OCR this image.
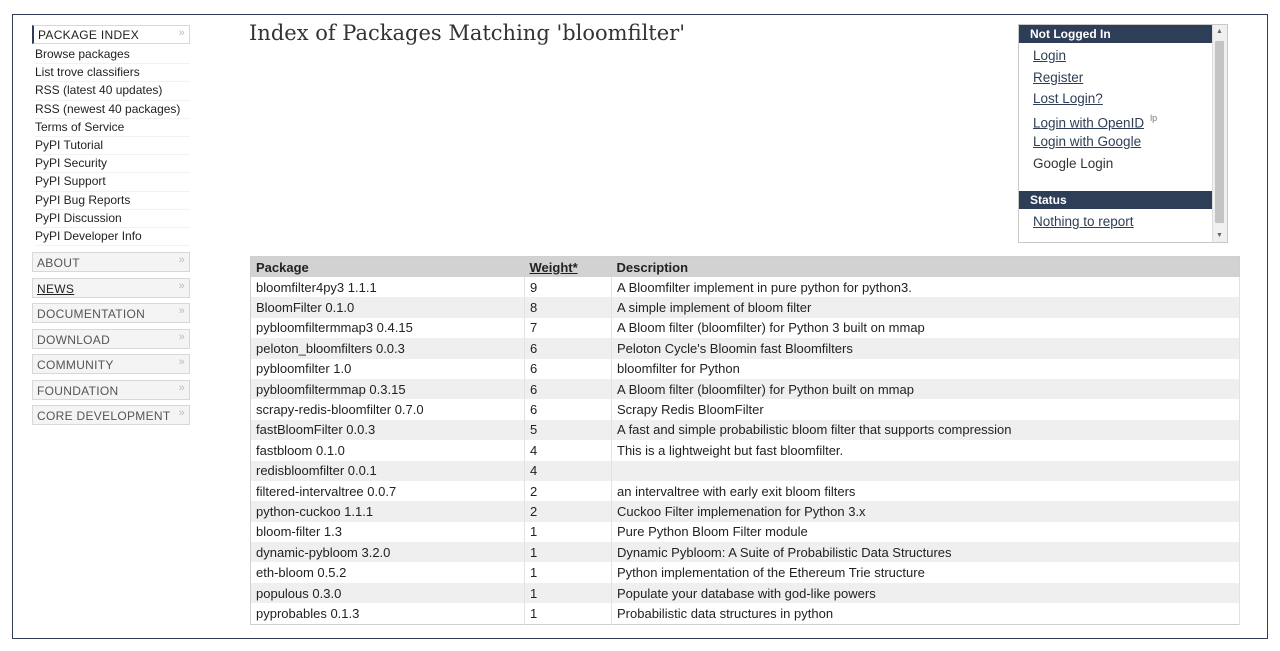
PACKAGE INDEX	»
Browse packages
List trove classifiers
RSS (latest 40 updates)
RSS (newest 40 packages)
Terms of Service
PyPI Tutorial
PyPI Security
PyPI Support
PyPI Bug Reports
PyPI Discussion
PyPI Developer Info
ABOUT	»
NEWS	»
DOCUMENTATION	»
DOWNLOAD	»
COMMUNITY	»
FOUNDATION	»
CORE DEVELOPMENT »
Index of Packages Matching 'bloomfilter'	Not Logged In
Login
Register
Lost Login?
Login with OpenID $^{lp}$
Login with Google
Google Login
Status
Nothing to report
▲
▼
Package	Weight*	Description
bloomfilter4py3 1.1.1	9	A Bloomfilter implement in pure python for python3.
BloomFilter 0.1.0	8	A simple implement of bloom filter
pybloomfiltermmap3 0.4.15	7	A Bloom filter (bloomfilter) for Python 3 built on mmap
peloton_bloomfilters 0.0.3	6	Peloton Cycle's Bloomin fast Bloomfilters
pybloomfilter 1.0	6	bloomfilter for Python
pybloomfiltermmap 0.3.15	6	A Bloom filter (bloomfilter) for Python built on mmap
scrapy-redis-bloomfilter 0.7.0	6	Scrapy Redis BloomFilter
fastBloomFilter 0.0.3	5	A fast and simple probabilistic bloom filter that supports compression
fastbloom 0.1.0	4	This is a lightweight but fast bloomfilter.
redisbloomfilter 0.0.1	4	
filtered-intervaltree 0.0.7	2	an intervaltree with early exit bloom filters
python-cuckoo 1.1.1	2	Cuckoo Filter implemenation for Python 3.x
bloom-filter 1.3	1	Pure Python Bloom Filter module
dynamic-pybloom 3.2.0	1	Dynamic Pybloom: A Suite of Probabilistic Data Structures
eth-bloom 0.5.2	1	Python implementation of the Ethereum Trie structure
populous 0.3.0	1	Populate your database with god-like powers
pyprobables 0.1.3	1	Probabilistic data structures in python
